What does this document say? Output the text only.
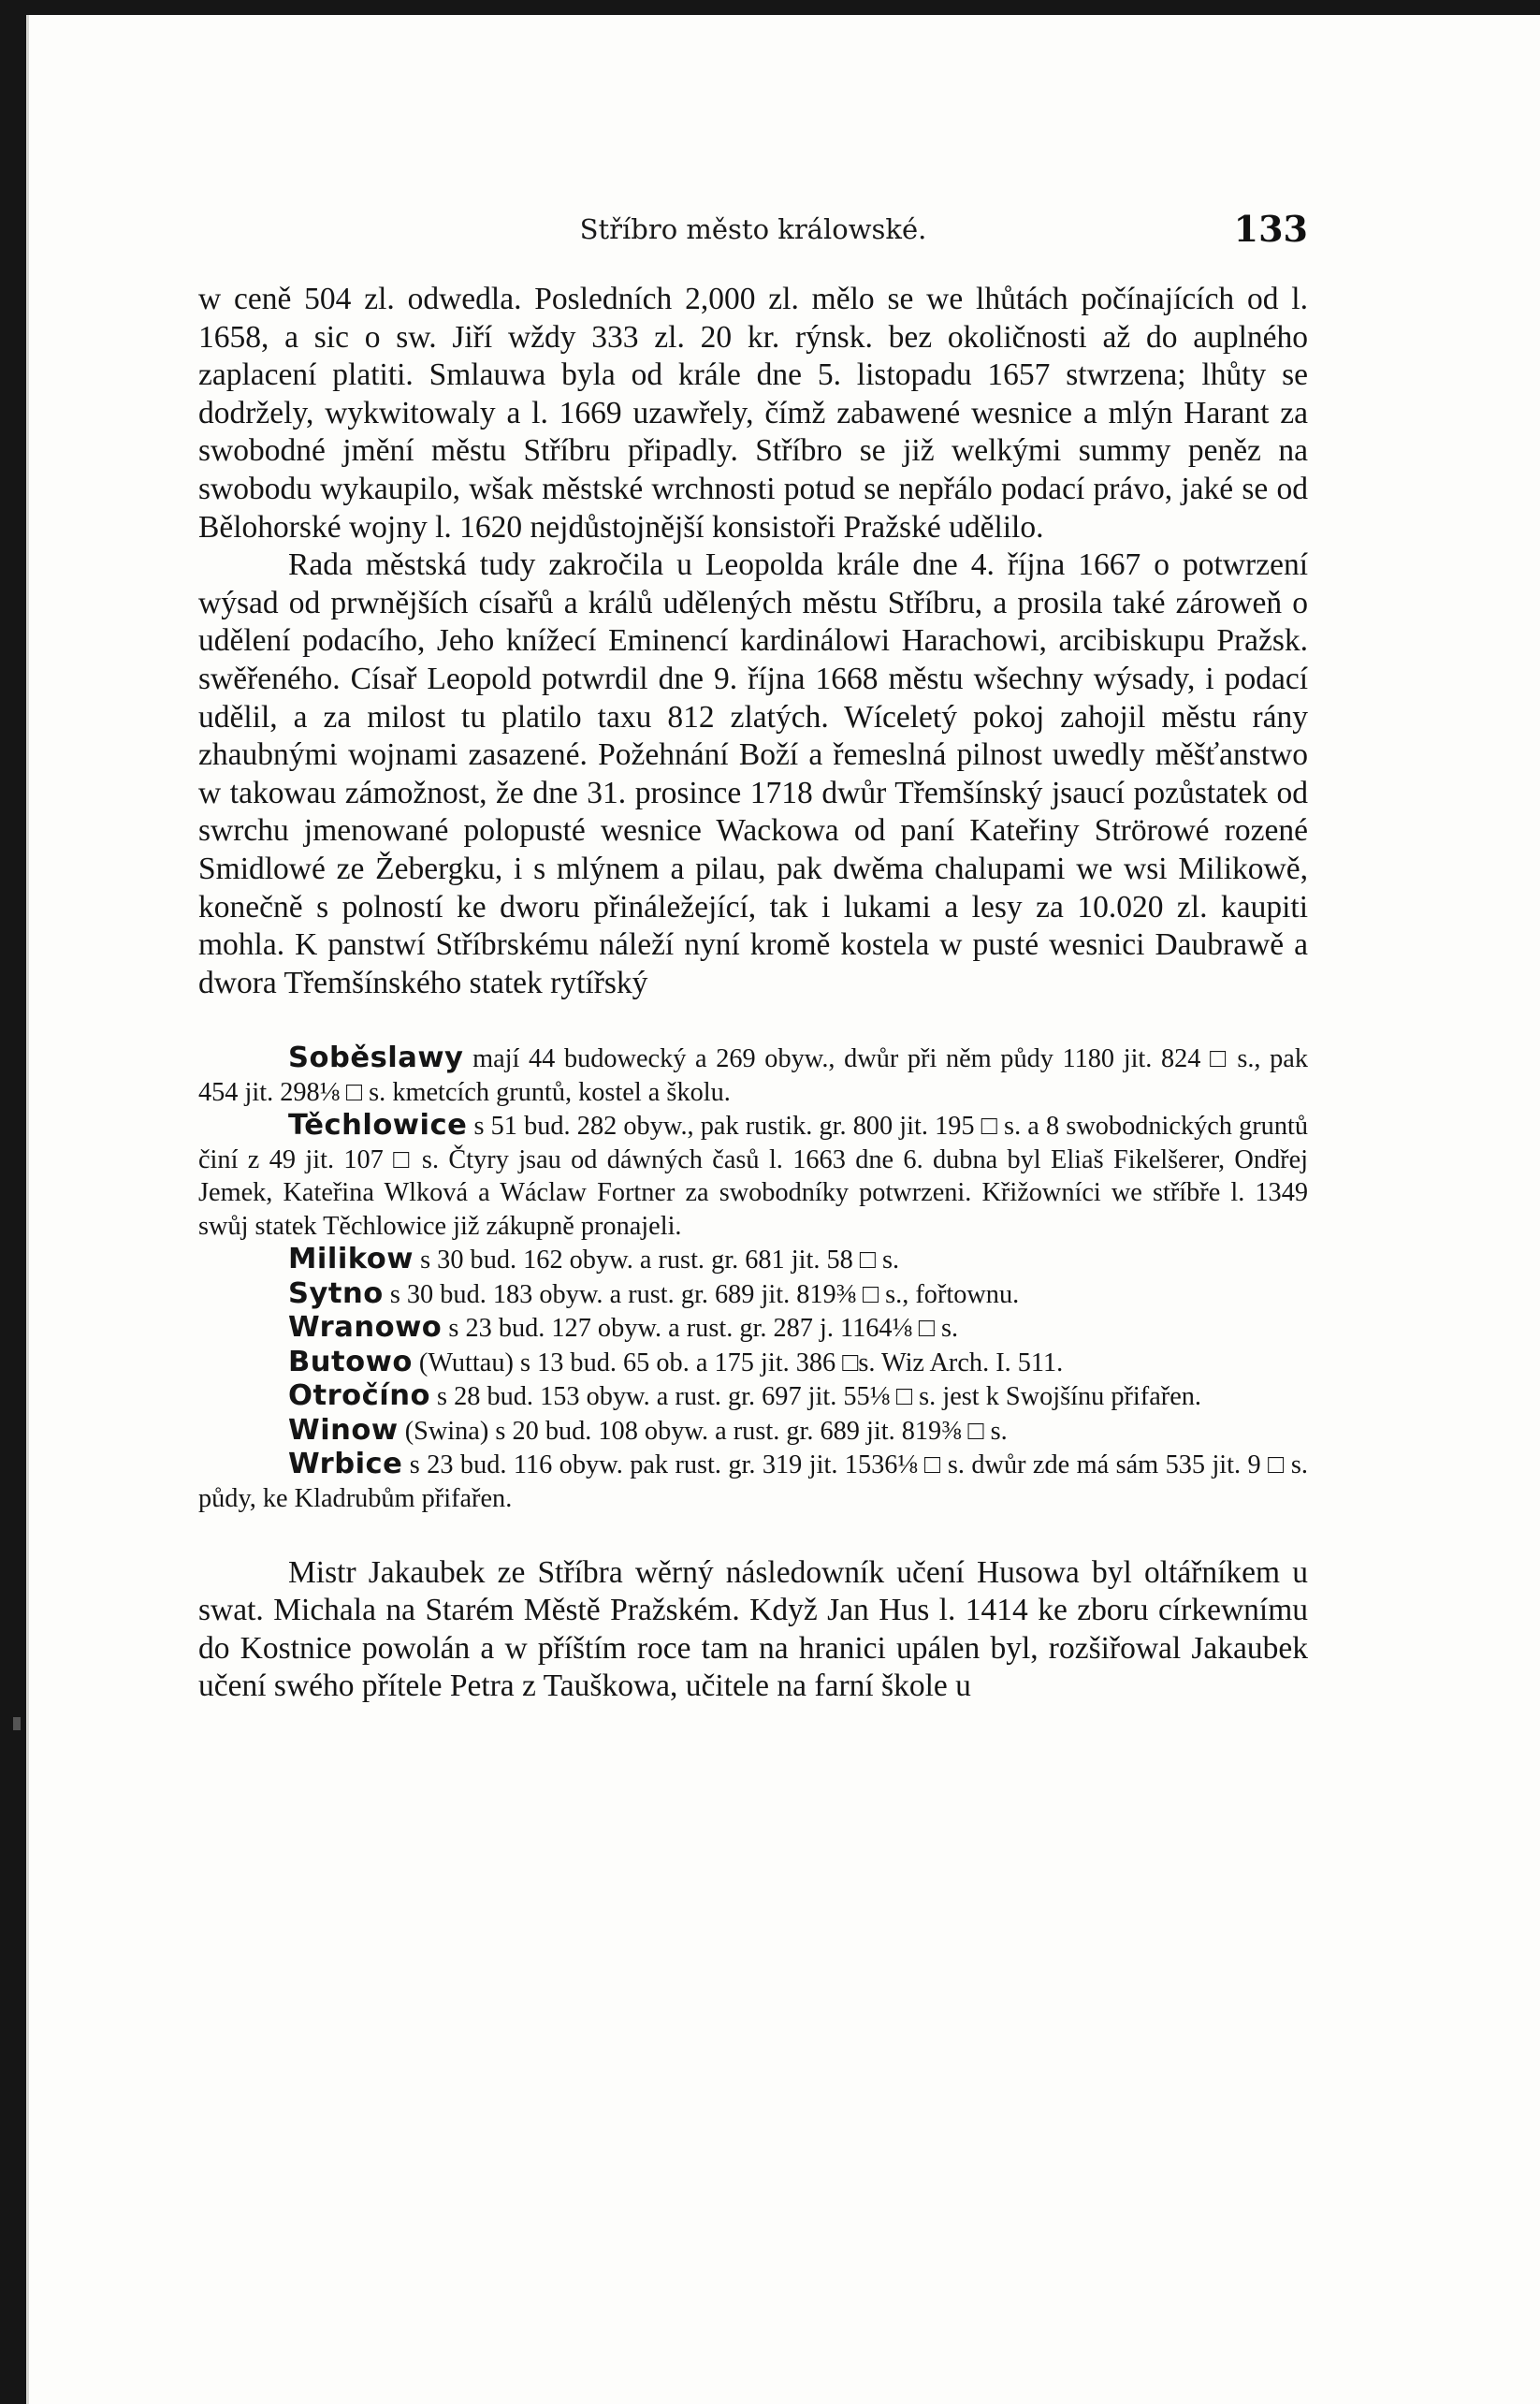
Stříbro město králowské.	133

w ceně 504 zl. odwedla. Posledních 2,000 zl. mělo se we lhůtách počínajících od l. 1658, a sic o sw. Jiří wždy 333 zl. 20 kr. rýnsk. bez okoličnosti až do auplného zaplacení platiti. Smlauwa byla od krále dne 5. listopadu 1657 stwrzena; lhůty se dodržely, wykwitowaly a l. 1669 uzawřely, čímž zabawené wesnice a mlýn Harant za swobodné jmění městu Stříbru připadly. Stříbro se již welkými summy peněz na swobodu wykaupilo, wšak městské wrchnosti potud se nepřálo podací právo, jaké se od Bělohorské wojny l. 1620 nejdůstojnější konsistoři Pražské udělilo.

Rada městská tudy zakročila u Leopolda krále dne 4. října 1667 o potwrzení wýsad od prwnějších císařů a králů udělených městu Stříbru, a prosila také zároweň o udělení podacího, Jeho knížecí Eminencí kardinálowi Harachowi, arcibiskupu Pražsk. swěřeného. Císař Leopold potwrdil dne 9. října 1668 městu wšechny wýsady, i podací udělil, a za milost tu platilo taxu 812 zlatých. Wíceletý pokoj zahojil městu rány zhaubnými wojnami zasazené. Požehnání Boží a řemeslná pilnost uwedly měšťanstwo w takowau zámožnost, že dne 31. prosince 1718 dwůr Třemšínský jsaucí pozůstatek od swrchu jmenowané polopusté wesnice Wackowa od paní Kateřiny Strörowé rozené Smidlowé ze Žebergku, i s mlýnem a pilau, pak dwěma chalupami we wsi Milikowě, konečně s polností ke dworu přináležející, tak i lukami a lesy za 10.020 zl. kaupiti mohla. K panstwí Stříbrskému náleží nyní kromě kostela w pusté wesnici Daubrawě a dwora Třemšínského statek rytířský

Soběslawy mají 44 budowecký a 269 obyw., dwůr při něm půdy 1180 jit. 824 □ s., pak 454 jit. 298⅛ □ s. kmetcích gruntů, kostel a školu.

Těchlowice s 51 bud. 282 obyw., pak rustik. gr. 800 jit. 195 □ s. a 8 swobodnických gruntů činí z 49 jit. 107 □ s. Čtyry jsau od dáwných časů l. 1663 dne 6. dubna byl Eliaš Fikelšerer, Ondřej Jemek, Kateřina Wlková a Wáclaw Fortner za swobodníky potwrzeni. Křižowníci we stříbře l. 1349 swůj statek Těchlowice již zákupně pronajeli.

Milikow s 30 bud. 162 obyw. a rust. gr. 681 jit. 58 □ s.

Sytno s 30 bud. 183 obyw. a rust. gr. 689 jit. 819⅜ □ s., fořtownu.

Wranowo s 23 bud. 127 obyw. a rust. gr. 287 j. 1164⅛ □ s.

Butowo (Wuttau) s 13 bud. 65 ob. a 175 jit. 386 □s. Wiz Arch. I. 511.

Otročíno s 28 bud. 153 obyw. a rust. gr. 697 jit. 55⅛ □ s. jest k Swojšínu přifařen.

Winow (Swina) s 20 bud. 108 obyw. a rust. gr. 689 jit. 819⅜ □ s.

Wrbice s 23 bud. 116 obyw. pak rust. gr. 319 jit. 1536⅛ □ s. dwůr zde má sám 535 jit. 9 □ s. půdy, ke Kladrubům přifařen.

Mistr Jakaubek ze Stříbra wěrný následowník učení Husowa byl oltářníkem u swat. Michala na Starém Městě Pražském. Když Jan Hus l. 1414 ke zboru církewnímu do Kostnice powolán a w příštím roce tam na hranici upálen byl, rozšiřowal Jakaubek učení swého přítele Petra z Tauškowa, učitele na farní škole u
